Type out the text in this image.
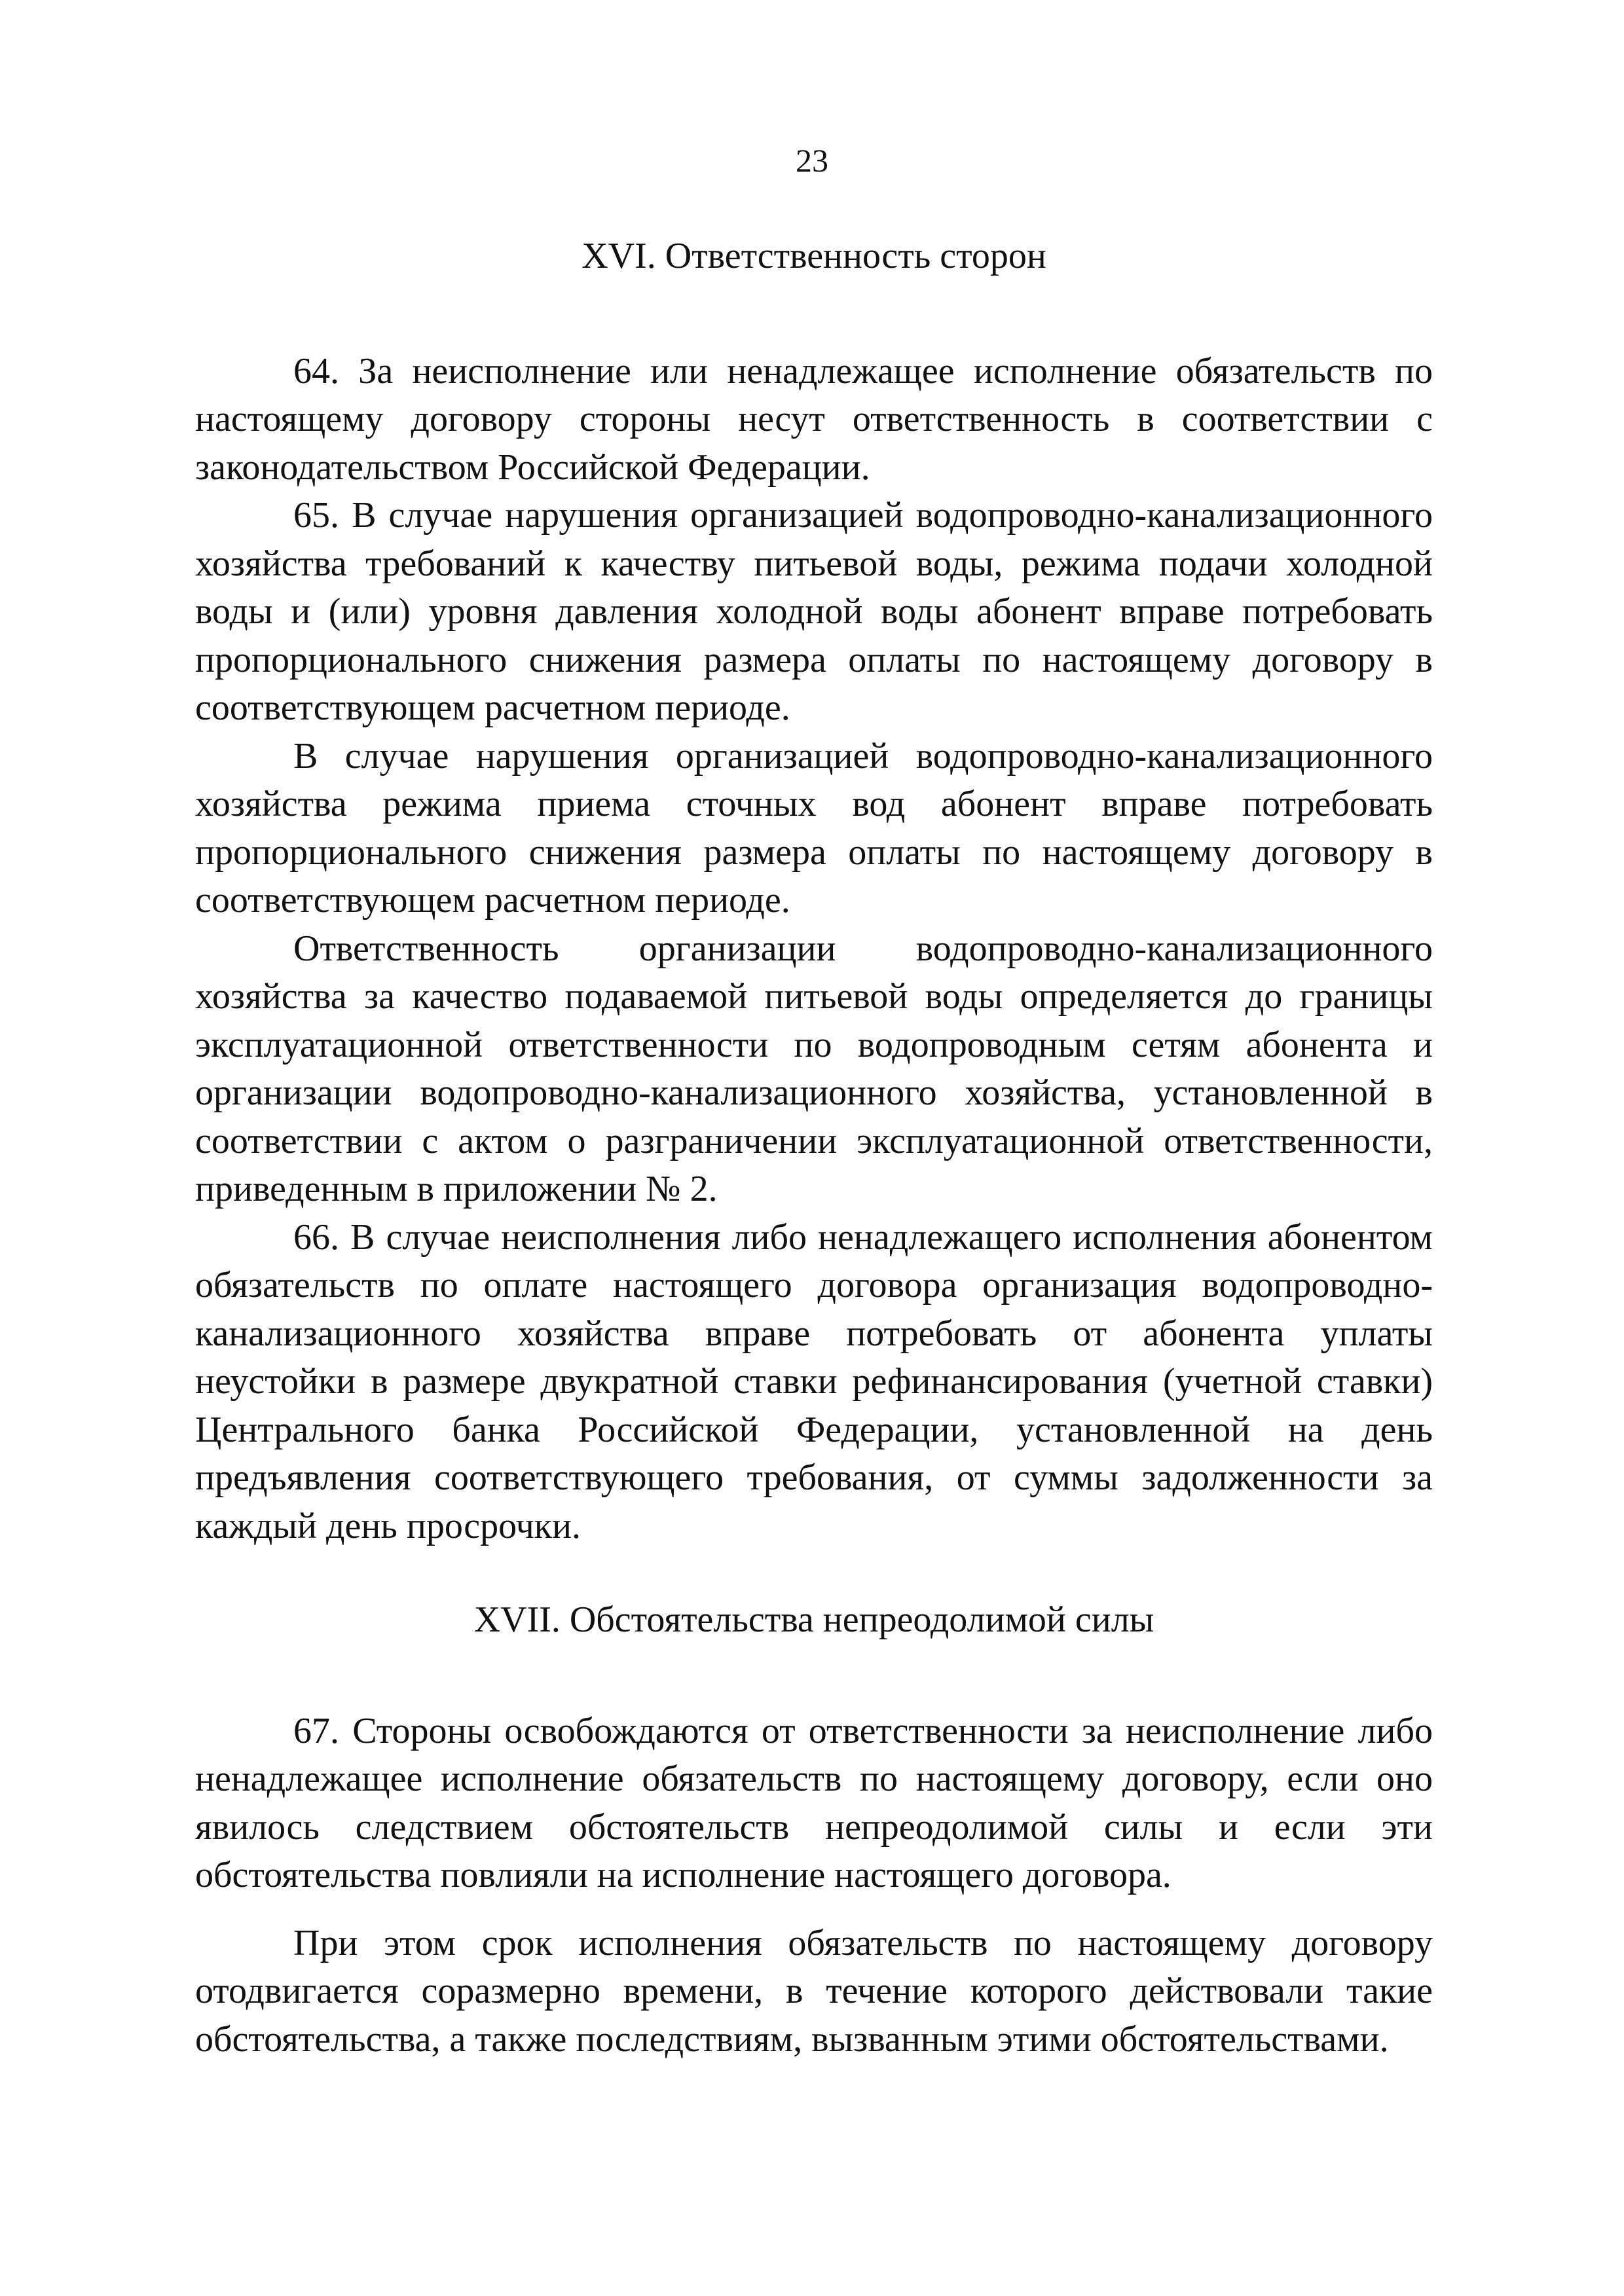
23
XVI. Ответственность сторон

64. За неисполнение или ненадлежащее исполнение обязательств по настоящему договору стороны несут ответственность в соответствии с законодательством Российской Федерации.

65. В случае нарушения организацией водопроводно-канализационного хозяйства требований к качеству питьевой воды, режима подачи холодной воды и (или) уровня давления холодной воды абонент вправе потребовать пропорционального снижения размера оплаты по настоящему договору в соответствующем расчетном периоде.

В случае нарушения организацией водопроводно-канализационного хозяйства режима приема сточных вод абонент вправе потребовать пропорционального снижения размера оплаты по настоящему договору в соответствующем расчетном периоде.

Ответственность организации водопроводно-канализационного хозяйства за качество подаваемой питьевой воды определяется до границы эксплуатационной ответственности по водопроводным сетям абонента и организации водопроводно-канализационного хозяйства, установленной в соответствии с актом о разграничении эксплуатационной ответственности, приведенным в приложении № 2.

66. В случае неисполнения либо ненадлежащего исполнения абонентом обязательств по оплате настоящего договора организация водопроводно-канализационного хозяйства вправе потребовать от абонента уплаты неустойки в размере двукратной ставки рефинансирования (учетной ставки) Центрального банка Российской Федерации, установленной на день предъявления соответствующего требования, от суммы задолженности за каждый день просрочки.

XVII. Обстоятельства непреодолимой силы

67. Стороны освобождаются от ответственности за неисполнение либо ненадлежащее исполнение обязательств по настоящему договору, если оно явилось следствием обстоятельств непреодолимой силы и если эти обстоятельства повлияли на исполнение настоящего договора.

При этом срок исполнения обязательств по настоящему договору отодвигается соразмерно времени, в течение которого действовали такие обстоятельства, а также последствиям, вызванным этими обстоятельствами.
